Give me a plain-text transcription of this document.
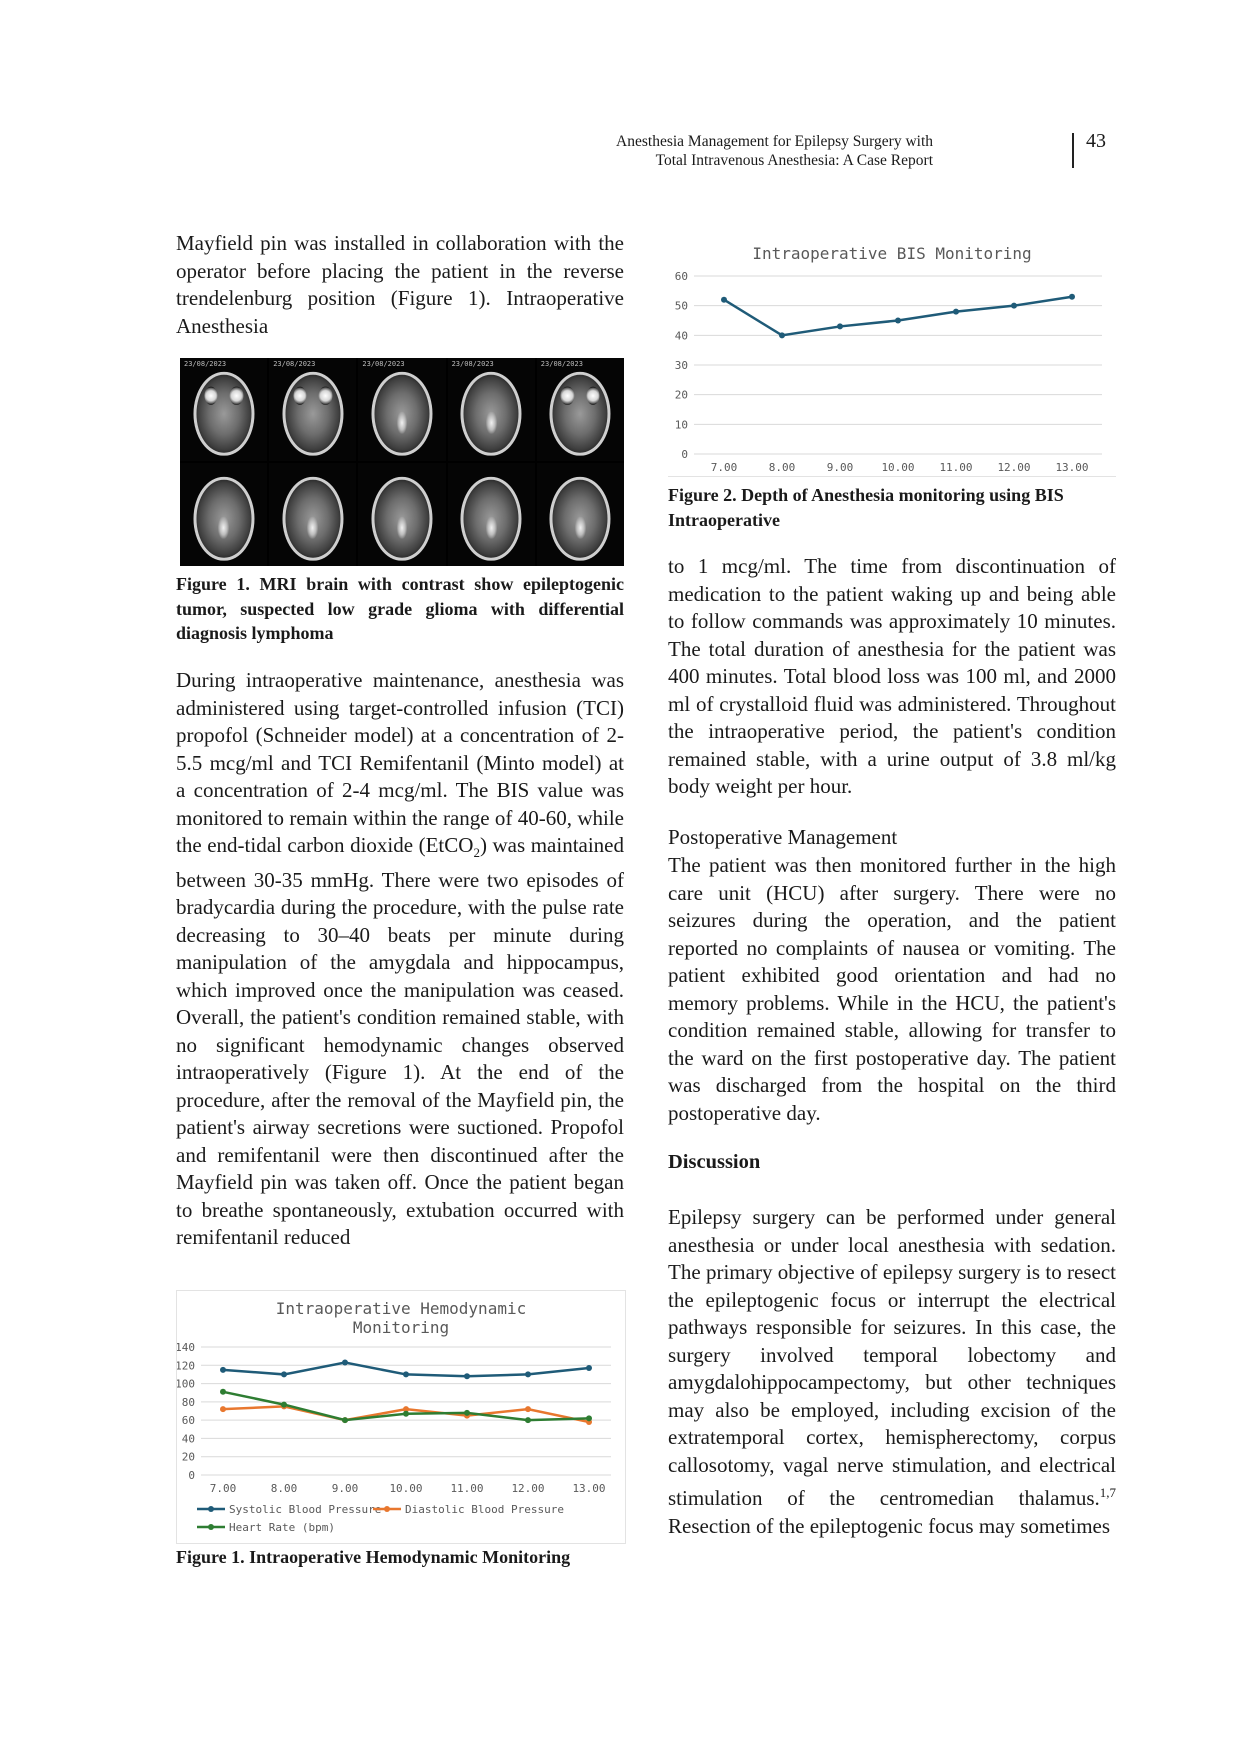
Anesthesia Management for Epilepsy Surgery with
Total Intravenous Anesthesia: A Case Report
43
Mayfield pin was installed in collaboration with the operator before placing the patient in the reverse trendelenburg position (Figure 1). Intraoperative Anesthesia
23/08/2023	23/08/2023	23/08/2023	23/08/2023	23/08/2023
Figure 1. MRI brain with contrast show epileptogenic tumor, suspected low grade glioma with differential diagnosis lymphoma
During intraoperative maintenance, anesthesia was administered using target-controlled infusion (TCI) propofol (Schneider model) at a concentration of 2-5.5 mcg/ml and TCI Remifentanil (Minto model) at a concentration of 2-4 mcg/ml. The BIS value was monitored to remain within the range of 40-60, while the end-tidal carbon dioxide (EtCO$_2$) was maintained between 30-35 mmHg. There were two episodes of bradycardia during the procedure, with the pulse rate decreasing to 30–40 beats per minute during manipulation of the amygdala and hippocampus, which improved once the manipulation was ceased. Overall, the patient's condition remained stable, with no significant hemodynamic changes observed intraoperatively (Figure 1). At the end of the procedure, after the removal of the Mayfield pin, the patient's airway secretions were suctioned. Propofol and remifentanil were then discontinued after the Mayfield pin was taken off. Once the patient began to breathe spontaneously, extubation occurred with remifentanil reduced
Intraoperative Hemodynamic
Monitoring
0
20
40
60
80
100
120
140
7.00	8.00	9.00	10.00	11.00	12.00	13.00
Systolic Blood Pressure Diastolic Blood Pressure
Heart Rate (bpm)
Figure 1. Intraoperative Hemodynamic Monitoring
Intraoperative BIS Monitoring
0
10
20
30
40
50
60
7.00	8.00	9.00	10.00 11.00 12.00 13.00
Figure 2. Depth of Anesthesia monitoring using BIS Intraoperative
to 1 mcg/ml. The time from discontinuation of medication to the patient waking up and being able to follow commands was approximately 10 minutes. The total duration of anesthesia for the patient was 400 minutes. Total blood loss was 100 ml, and 2000 ml of crystalloid fluid was administered. Throughout the intraoperative period, the patient's condition remained stable, with a urine output of 3.8 ml/kg body weight per hour.
Postoperative Management
The patient was then monitored further in the high care unit (HCU) after surgery. There were no seizures during the operation, and the patient reported no complaints of nausea or vomiting. The patient exhibited good orientation and had no memory problems. While in the HCU, the patient's condition remained stable, allowing for transfer to the ward on the first postoperative day. The patient was discharged from the hospital on the third postoperative day.
Discussion
Epilepsy surgery can be performed under general anesthesia or under local anesthesia with sedation. The primary objective of epilepsy surgery is to resect the epileptogenic focus or interrupt the electrical pathways responsible for seizures. In this case, the surgery involved temporal lobectomy and amygdalohippocampectomy, but other techniques may also be employed, including excision of the extratemporal cortex, hemispherectomy, corpus callosotomy, vagal nerve stimulation, and electrical stimulation of the centromedian thalamus.$^{1,7}$ Resection of the epileptogenic focus may sometimes
